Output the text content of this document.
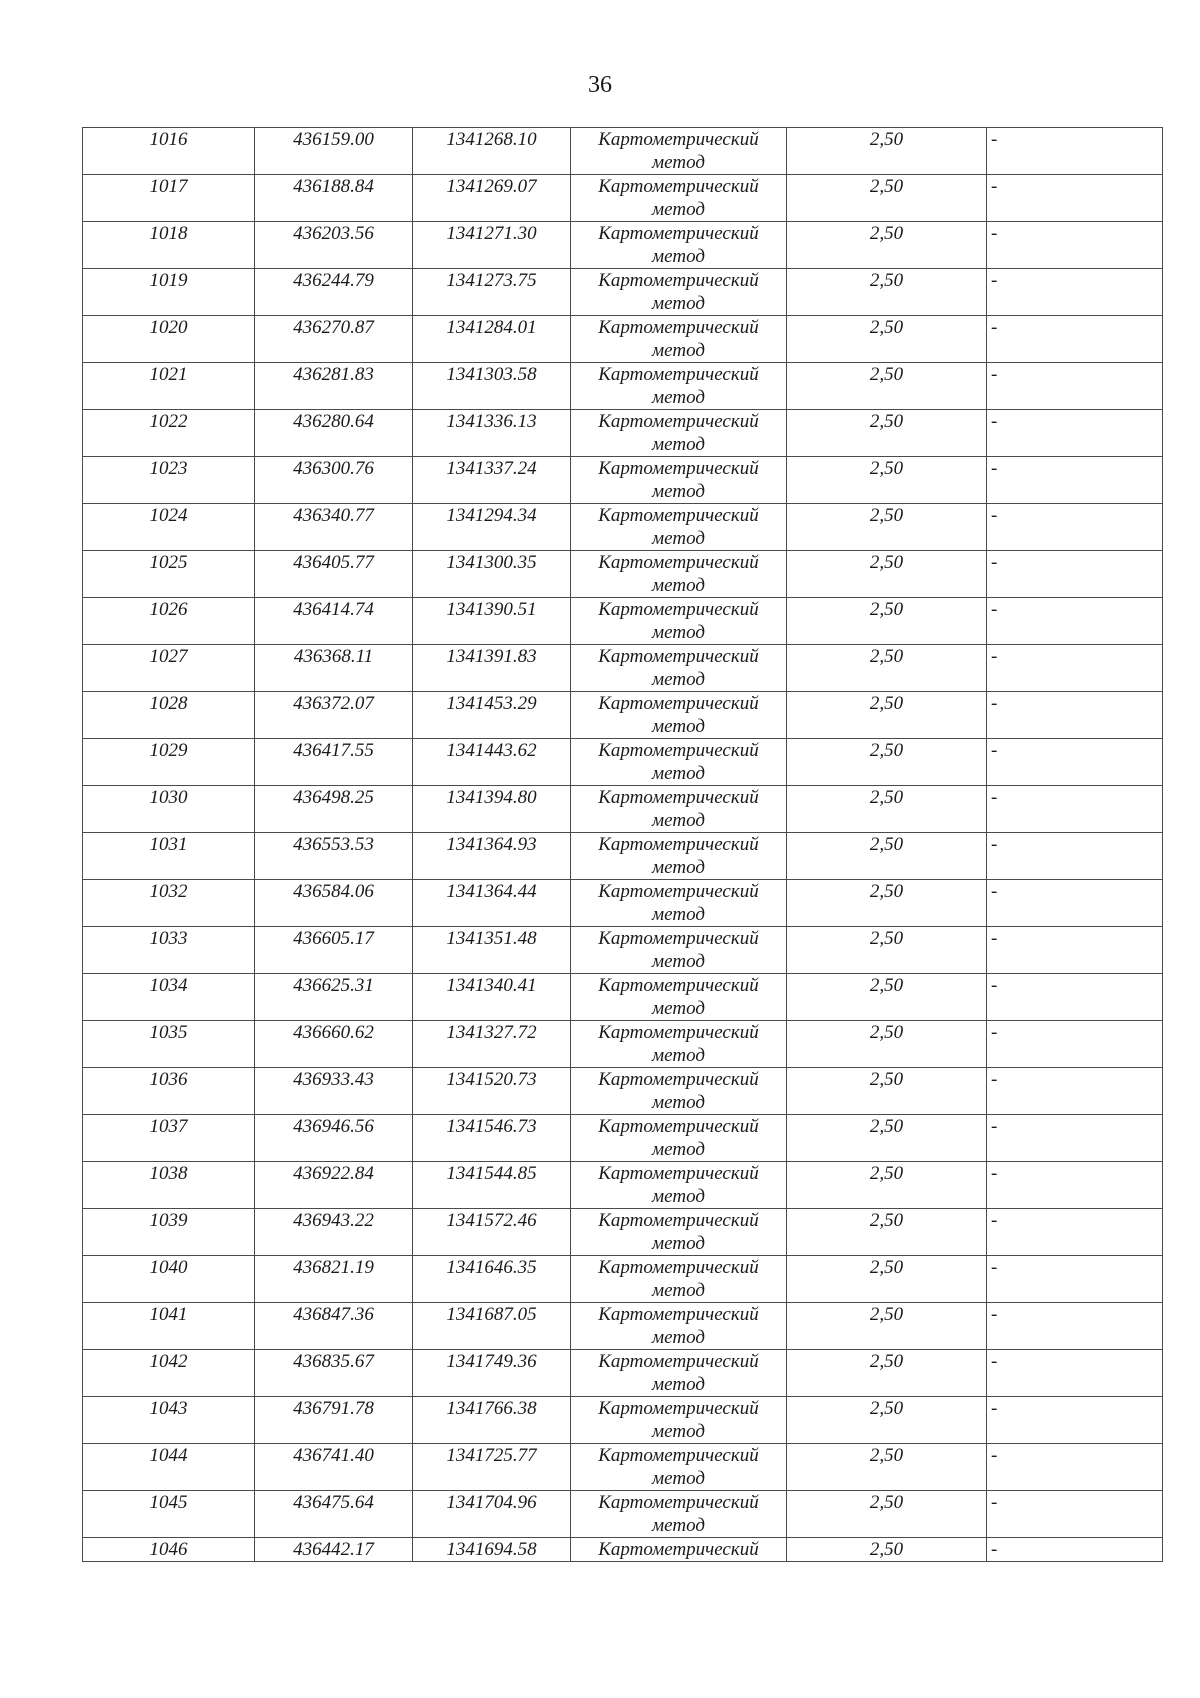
36
1016	436159.00	1341268.10	Картометрический метод	2,50	-
1017	436188.84	1341269.07	Картометрический метод	2,50	-
1018	436203.56	1341271.30	Картометрический метод	2,50	-
1019	436244.79	1341273.75	Картометрический метод	2,50	-
1020	436270.87	1341284.01	Картометрический метод	2,50	-
1021	436281.83	1341303.58	Картометрический метод	2,50	-
1022	436280.64	1341336.13	Картометрический метод	2,50	-
1023	436300.76	1341337.24	Картометрический метод	2,50	-
1024	436340.77	1341294.34	Картометрический метод	2,50	-
1025	436405.77	1341300.35	Картометрический метод	2,50	-
1026	436414.74	1341390.51	Картометрический метод	2,50	-
1027	436368.11	1341391.83	Картометрический метод	2,50	-
1028	436372.07	1341453.29	Картометрический метод	2,50	-
1029	436417.55	1341443.62	Картометрический метод	2,50	-
1030	436498.25	1341394.80	Картометрический метод	2,50	-
1031	436553.53	1341364.93	Картометрический метод	2,50	-
1032	436584.06	1341364.44	Картометрический метод	2,50	-
1033	436605.17	1341351.48	Картометрический метод	2,50	-
1034	436625.31	1341340.41	Картометрический метод	2,50	-
1035	436660.62	1341327.72	Картометрический метод	2,50	-
1036	436933.43	1341520.73	Картометрический метод	2,50	-
1037	436946.56	1341546.73	Картометрический метод	2,50	-
1038	436922.84	1341544.85	Картометрический метод	2,50	-
1039	436943.22	1341572.46	Картометрический метод	2,50	-
1040	436821.19	1341646.35	Картометрический метод	2,50	-
1041	436847.36	1341687.05	Картометрический метод	2,50	-
1042	436835.67	1341749.36	Картометрический метод	2,50	-
1043	436791.78	1341766.38	Картометрический метод	2,50	-
1044	436741.40	1341725.77	Картометрический метод	2,50	-
1045	436475.64	1341704.96	Картометрический метод	2,50	-
1046	436442.17	1341694.58	Картометрический	2,50	-
